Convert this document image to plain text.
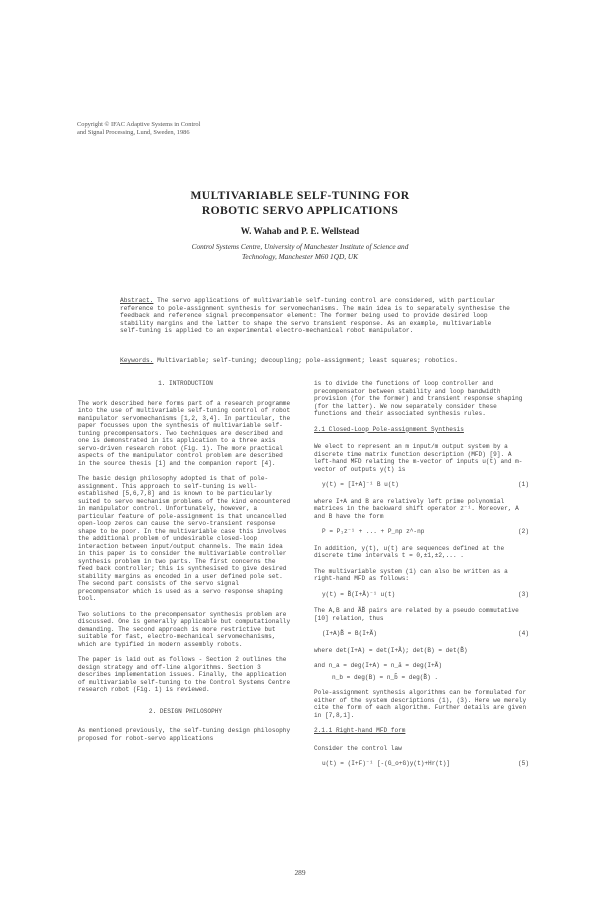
Copyright © IFAC Adaptive Systems in Control
and Signal Processing, Lund, Sweden, 1986
MULTIVARIABLE SELF-TUNING FOR
ROBOTIC SERVO APPLICATIONS
W. Wahab and P. E. Wellstead
Control Systems Centre, University of Manchester Institute of Science and
Technology, Manchester M60 1QD, UK
Abstract. The servo applications of multivariable self-tuning control are considered, with particular reference to pole-assignment synthesis for servomechanisms. The main idea is to separately synthesise the feedback and reference signal precompensator element: The former being used to provide desired loop stability margins and the latter to shape the servo transient response. As an example, multivariable self-tuning is applied to an experimental electro-mechanical robot manipulator.
Keywords. Multivariable; self-tuning; decoupling; pole-assignment; least squares; robotics.
1. INTRODUCTION

The work described here forms part of a research programme into the use of multivariable self-tuning control of robot manipulator servomechanisms [1,2, 3,4]. In particular, the paper focusses upon the synthesis of multivariable self-tuning precompensators. Two techniques are described and one is demonstrated in its application to a three axis servo-driven research robot (Fig. 1). The more practical aspects of the manipulator control problem are described in the source thesis [1] and the companion report [4].

The basic design philosophy adopted is that of pole-assignment. This approach to self-tuning is well-established [5,6,7,8] and is known to be particularly suited to servo mechanism problems of the kind encountered in manipulator control. Unfortunately, however, a particular feature of pole-assignment is that uncancelled open-loop zeros can cause the servo-transient response shape to be poor. In the multivariable case this involves the additional problem of undesirable closed-loop interaction between input/output channels. The main idea in this paper is to consider the multivariable controller synthesis problem in two parts. The first concerns the feed back controller; this is synthesised to give desired stability margins as encoded in a user defined pole set. The second part consists of the servo signal precompensator which is used as a servo response shaping tool.

Two solutions to the precompensator synthesis problem are discussed. One is generally applicable but computationally demanding. The second approach is more restrictive but suitable for fast, electro-mechanical servomechanisms, which are typified in modern assembly robots.

The paper is laid out as follows - Section 2 outlines the design strategy and off-line algorithms. Section 3 describes implementation issues. Finally, the application of multivariable self-tuning to the Control Systems Centre research robot (Fig. 1) is reviewed.

2. DESIGN PHILOSOPHY

As mentioned previously, the self-tuning design philosophy proposed for robot-servo applications

is to divide the functions of loop controller and precompensator between stability and loop bandwidth provision (for the former) and transient response shaping (for the latter). We now separately consider these functions and their associated synthesis rules.

2.1 Closed-Loop Pole-assignment Synthesis

We elect to represent an m input/m output system by a discrete time matrix function description (MFD) [9]. A left-hand MFD relating the m-vector of inputs u(t) and m-vector of outputs y(t) is

y(t) = [I+A]⁻¹ B u(t)	(1)

where I+A and B are relatively left prime polynomial matrices in the backward shift operator z⁻¹. Moreover, A and B have the form

P = P₁z⁻¹ + ... + P_np z^-np	(2)

In addition, y(t), u(t) are sequences defined at the discrete time intervals t = 0,±1,±2,... .

The multivariable system (1) can also be written as a right-hand MFD as follows:

y(t) = B̃(I+Ã)⁻¹ u(t)	(3)

The A,B and ÃB̃ pairs are related by a pseudo commutative [10] relation, thus

(I+A)B̃ = B(I+Ã)	(4)

where det(I+A) = det(I+Ã); det(B) = det(B̃)

and n_a = deg(I+A) = n_ã = deg(I+Ã)

n_b = deg(B) = n_b̃ = deg(B̃) .

Pole-assignment synthesis algorithms can be formulated for either of the system descriptions (1), (3). Here we merely cite the form of each algorithm. Further details are given in [7,8,1].

2.1.1 Right-hand MFD form

Consider the control law

u(t) = (I+F)⁻¹ [-(G_o+G)y(t)+Hr(t)]	(5)
289
